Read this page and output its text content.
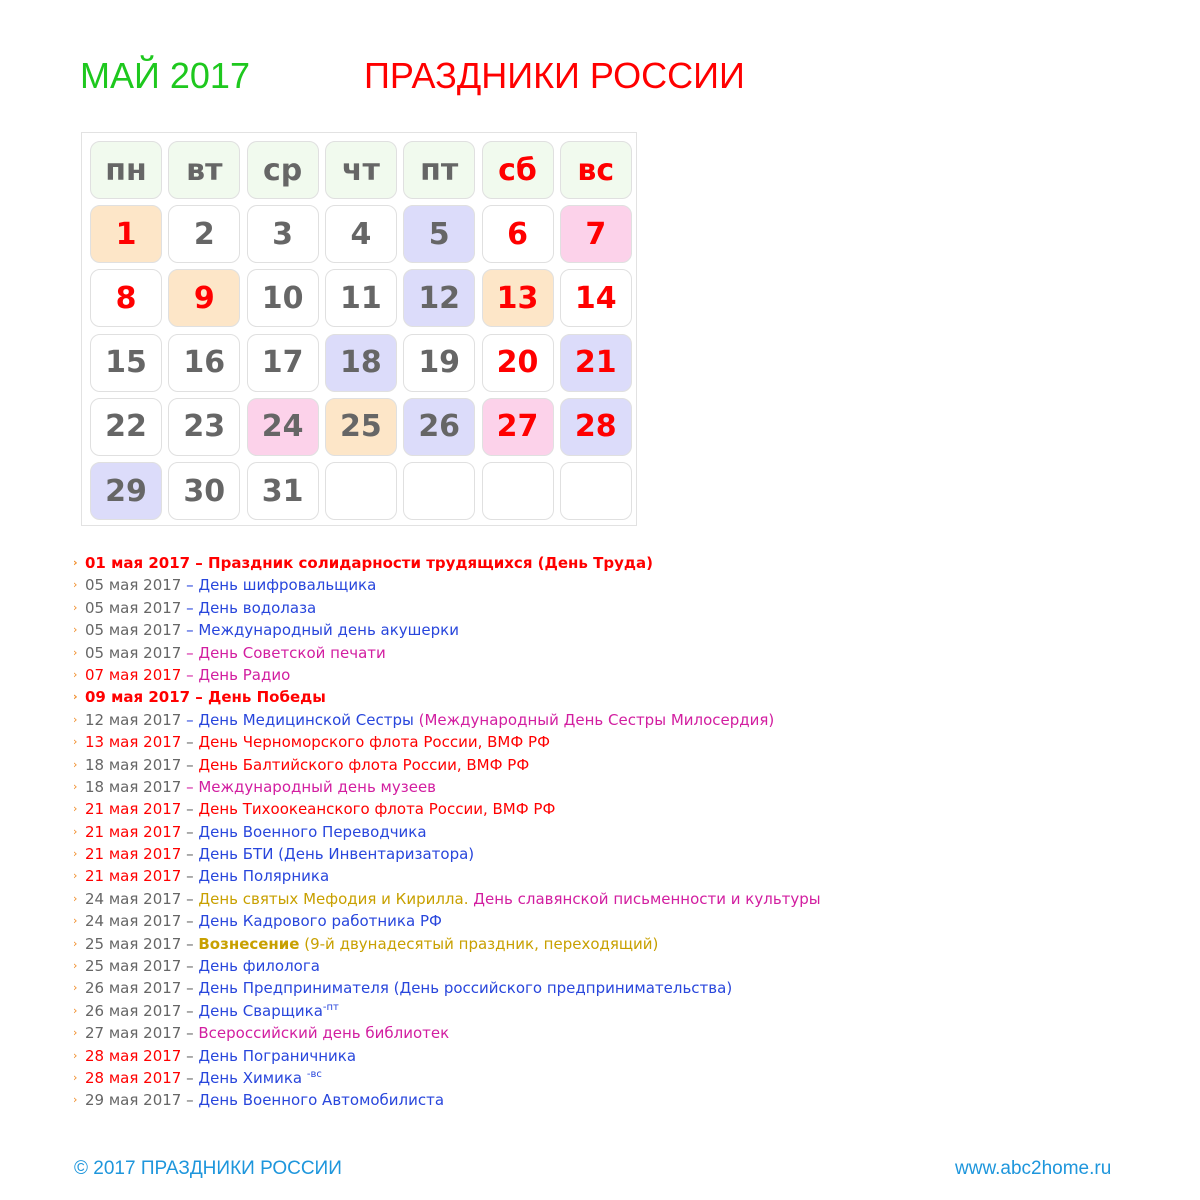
МАЙ 2017	ПРАЗДНИКИ РОССИИ
пн	вт	ср	чт	пт	сб	вс
1	2	3	4	5	6	7
8	9	10	11	12	13	14
15	16	17	18	19	20	21
22	23	24	25	26	27	28
29	30	31
› 01 мая 2017 – Праздник солидарности трудящихся (День Труда)
› 05 мая 2017 – День шифровальщика
› 05 мая 2017 – День водолаза
› 05 мая 2017 – Международный день акушерки
› 05 мая 2017 – День Советской печати
› 07 мая 2017 – День Радио
› 09 мая 2017 – День Победы
› 12 мая 2017 – День Медицинской Сестры (Международный День Сестры Милосердия)
› 13 мая 2017 – День Черноморского флота России, ВМФ РФ
› 18 мая 2017 – День Балтийского флота России, ВМФ РФ
› 18 мая 2017 – Международный день музеев
› 21 мая 2017 – День Тихоокеанского флота России, ВМФ РФ
› 21 мая 2017 – День Военного Переводчика
› 21 мая 2017 – День БТИ (День Инвентаризатора)
› 21 мая 2017 – День Полярника
› 24 мая 2017 – День святых Мефодия и Кирилла. День славянской письменности и культуры
› 24 мая 2017 – День Кадрового работника РФ
› 25 мая 2017 – Вознесение (9-й двунадесятый праздник, переходящий)
› 25 мая 2017 – День филолога
› 26 мая 2017 – День Предпринимателя (День российского предпринимательства)
› 26 мая 2017 – День Сварщика$^{-пт}$
› 27 мая 2017 – Всероссийский день библиотек
› 28 мая 2017 – День Пограничника
› 28 мая 2017 – День Химика $^{-вс}$
› 29 мая 2017 – День Военного Автомобилиста
© 2017 ПРАЗДНИКИ РОССИИ	www.abc2home.ru
